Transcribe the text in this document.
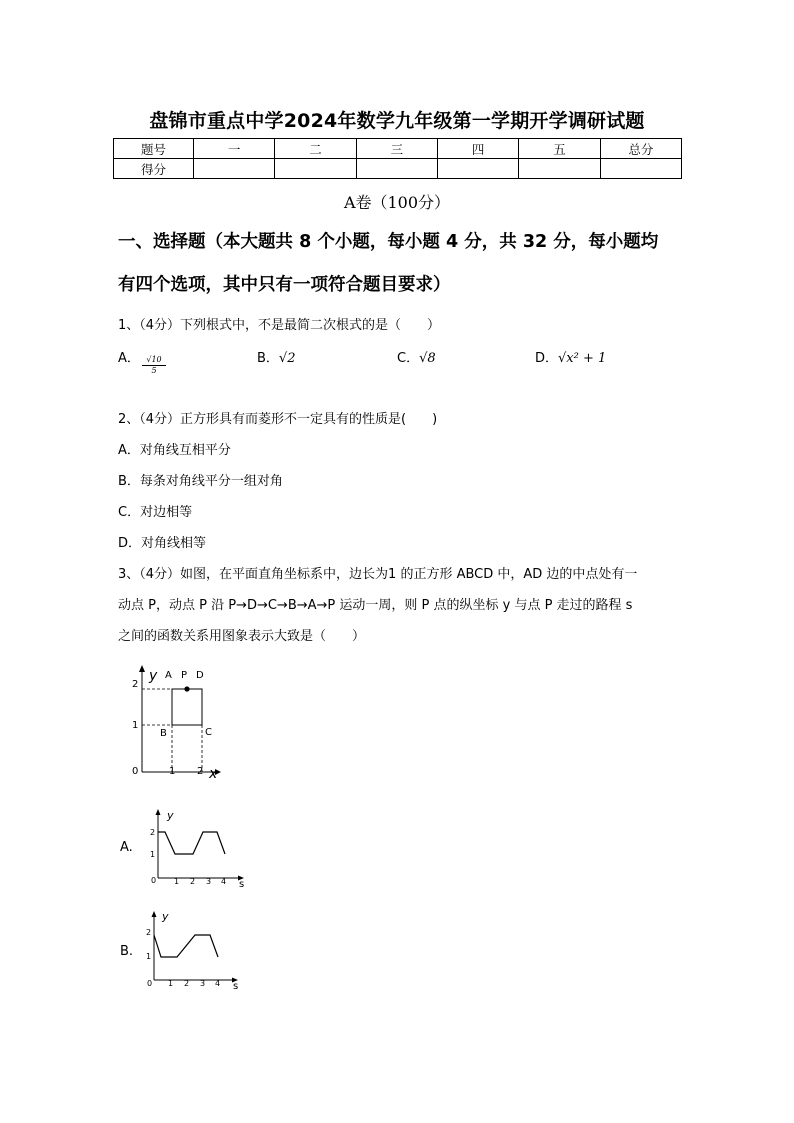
盘锦市重点中学2024年数学九年级第一学期开学调研试题
题号	一	二	三	四	五	总分
得分						
A卷（100分）
一、选择题（本大题共 8 个小题，每小题 4 分，共 32 分，每小题均
有四个选项，其中只有一项符合题目要求）
1、（4分）下列根式中，不是最简二次根式的是（　　）
A． $\frac{√10}{5}$	B．√2	C．√8	D．√x² + 1
2、（4分）正方形具有而菱形不一定具有的性质是(　　)
A．对角线互相平分
B．每条对角线平分一组对角
C．对边相等
D．对角线相等
3、（4分）如图，在平面直角坐标系中，边长为1 的正方形 ABCD 中，AD 边的中点处有一
动点 P，动点 P 沿 P→D→C→B→A→P 运动一周，则 P 点的纵坐标 y 与点 P 走过的路程 s
之间的函数关系用图象表示大致是（　　）
y
x
0	1 2
1
2
A P D
B	C
A.
y
s
0
2
1
1 2 3 4
B.
y
s
0
2
1
1 2 3 4
